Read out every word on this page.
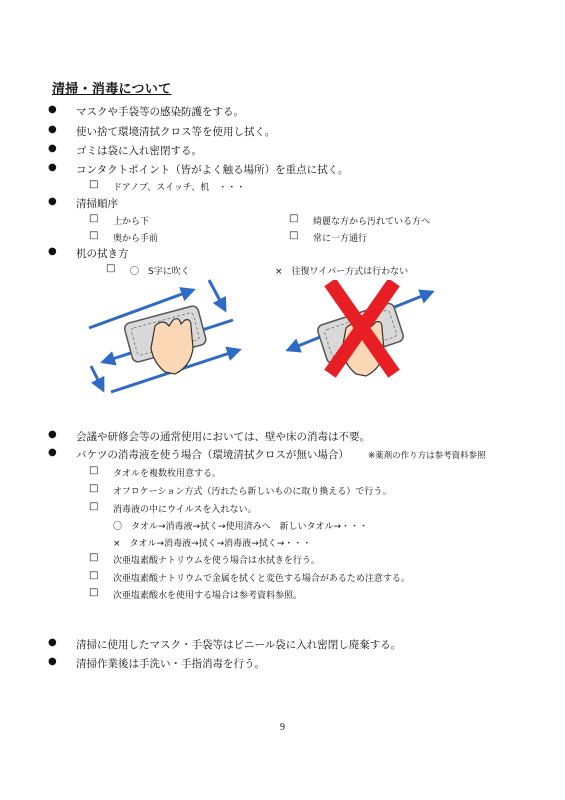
清掃・消毒について
● マスクや手袋等の感染防護をする。
● 使い捨て環境清拭クロス等を使用し拭く。
● ゴミは袋に入れ密閉する。
● コンタクトポイント（皆がよく触る場所）を重点に拭く。
□ ドアノブ、スイッチ、机　・・・
● 清掃順序
□ 上から下	□ 綺麗な方から汚れている方へ
□ 奥から手前	□ 常に一方通行
● 机の拭き方
□ 〇　S字に吹く	×　往復ワイパー方式は行わない
● 会議や研修会等の通常使用においては、壁や床の消毒は不要。
● バケツの消毒液を使う場合（環境清拭クロスが無い場合） ※薬剤の作り方は参考資料参照
□ タオルを複数枚用意する。
□ オフロケーション方式（汚れたら新しいものに取り換える）で行う。
□ 消毒液の中にウイルスを入れない。
〇　タオル→消毒液→拭く→使用済みへ　新しいタオル→・・・
×　タオル→消毒液→拭く→消毒液→拭く→・・・
□ 次亜塩素酸ナトリウムを使う場合は水拭きを行う。
□ 次亜塩素酸ナトリウムで金属を拭くと変色する場合があるため注意する。
□ 次亜塩素酸水を使用する場合は参考資料参照。
● 清掃に使用したマスク・手袋等はビニール袋に入れ密閉し廃棄する。
● 清掃作業後は手洗い・手指消毒を行う。
9
